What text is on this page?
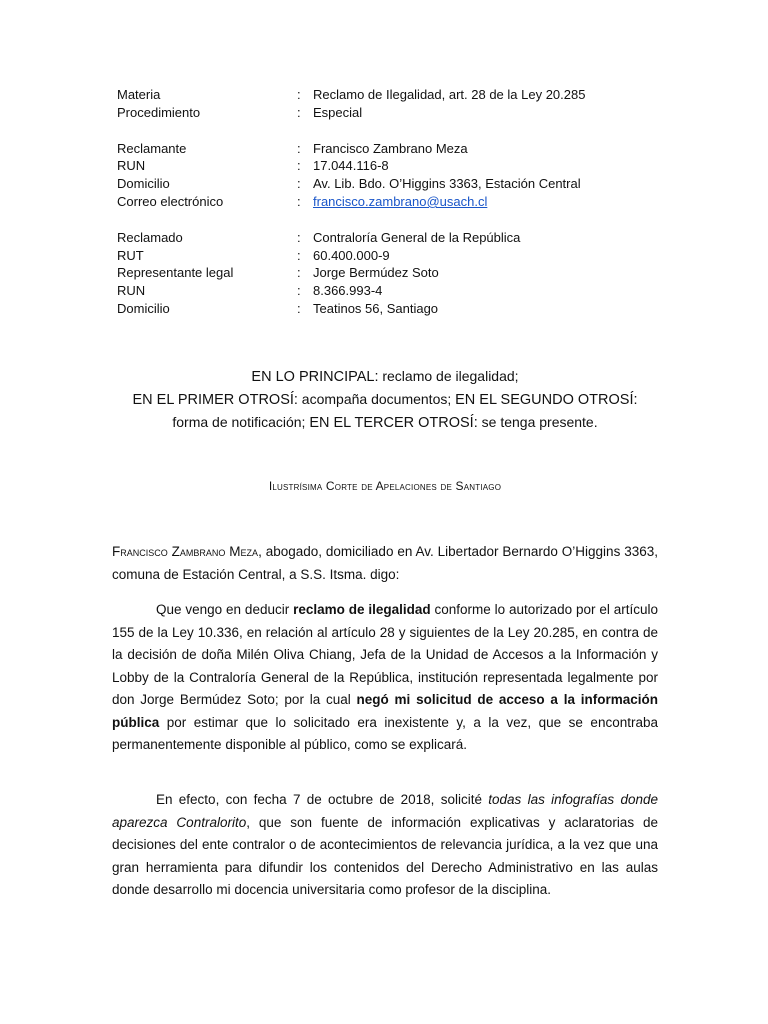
Materia	: Reclamo de Ilegalidad, art. 28 de la Ley 20.285
Procedimiento	: Especial
Reclamante	: Francisco Zambrano Meza
RUN	: 17.044.116-8
Domicilio	: Av. Lib. Bdo. O’Higgins 3363, Estación Central
Correo electrónico	: francisco.zambrano@usach.cl
Reclamado	: Contraloría General de la República
RUT	: 60.400.000-9
Representante legal	: Jorge Bermúdez Soto
RUN	: 8.366.993-4
Domicilio	: Teatinos 56, Santiago
EN LO PRINCIPAL: reclamo de ilegalidad;
EN EL PRIMER OTROSÍ: acompaña documentos; EN EL SEGUNDO OTROSÍ:
forma de notificación; EN EL TERCER OTROSÍ: se tenga presente.
Ilustrísima Corte de Apelaciones de Santiago
Francisco Zambrano Meza, abogado, domiciliado en Av. Libertador Bernardo O’Higgins 3363, comuna de Estación Central, a S.S. Itsma. digo:
Que vengo en deducir reclamo de ilegalidad conforme lo autorizado por el artículo 155 de la Ley 10.336, en relación al artículo 28 y siguientes de la Ley 20.285, en contra de la decisión de doña Milén Oliva Chiang, Jefa de la Unidad de Accesos a la Información y Lobby de la Contraloría General de la República, institución representada legalmente por don Jorge Bermúdez Soto; por la cual negó mi solicitud de acceso a la información pública por estimar que lo solicitado era inexistente y, a la vez, que se encontraba permanentemente disponible al público, como se explicará.
En efecto, con fecha 7 de octubre de 2018, solicité todas las infografías donde aparezca Contralorito, que son fuente de información explicativas y aclaratorias de decisiones del ente contralor o de acontecimientos de relevancia jurídica, a la vez que una gran herramienta para difundir los contenidos del Derecho Administrativo en las aulas donde desarrollo mi docencia universitaria como profesor de la disciplina.
